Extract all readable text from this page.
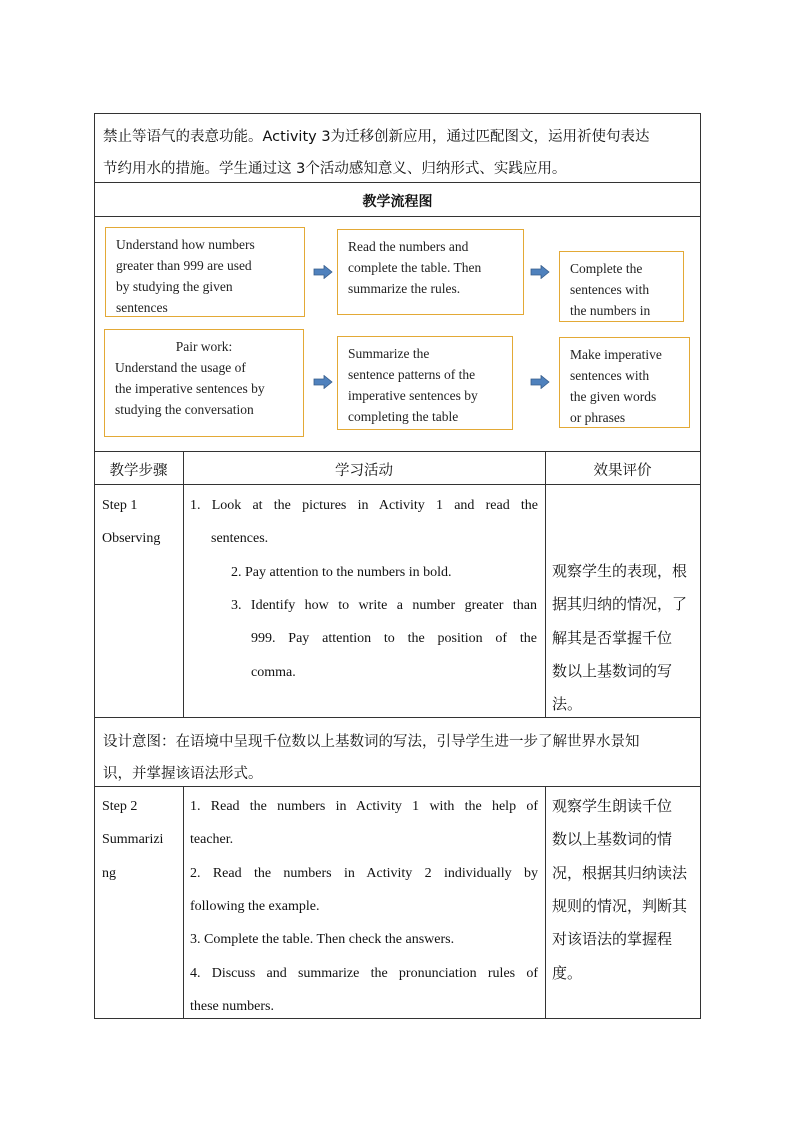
禁止等语气的表意功能。Activity 3为迁移创新应用，通过匹配图文，运用祈使句表达
节约用水的措施。学生通过这 3个活动感知意义、归纳形式、实践应用。
教学流程图
Understand how numbers
greater than 999 are used
by studying the given
sentences
Read the numbers and
complete the table. Then
summarize the rules.
Complete the
sentences with
the numbers in
Pair work:
Understand the usage of
the imperative sentences by
studying the conversation
Summarize the
sentence patterns of the
imperative sentences by
completing the table
Make imperative
sentences with
the given words
or phrases
教学步骤	学习活动	效果评价
Step 1
Observing
1. Look at the pictures in Activity 1 and read the
sentences.
2. Pay attention to the numbers in bold.
3. Identify how to write a number greater than
999. Pay attention to the position of the
comma.
观察学生的表现，根
据其归纳的情况，了
解其是否掌握千位
数以上基数词的写
法。
设计意图：在语境中呈现千位数以上基数词的写法，引导学生进一步了解世界水景知
识，并掌握该语法形式。
Step 2
Summarizi
ng
1. Read the numbers in Activity 1 with the help of
teacher.
2. Read the numbers in Activity 2 individually by
following the example.
3. Complete the table. Then check the answers.
4. Discuss and summarize the pronunciation rules of
these numbers.
观察学生朗读千位
数以上基数词的情
况，根据其归纳读法
规则的情况，判断其
对该语法的掌握程
度。
